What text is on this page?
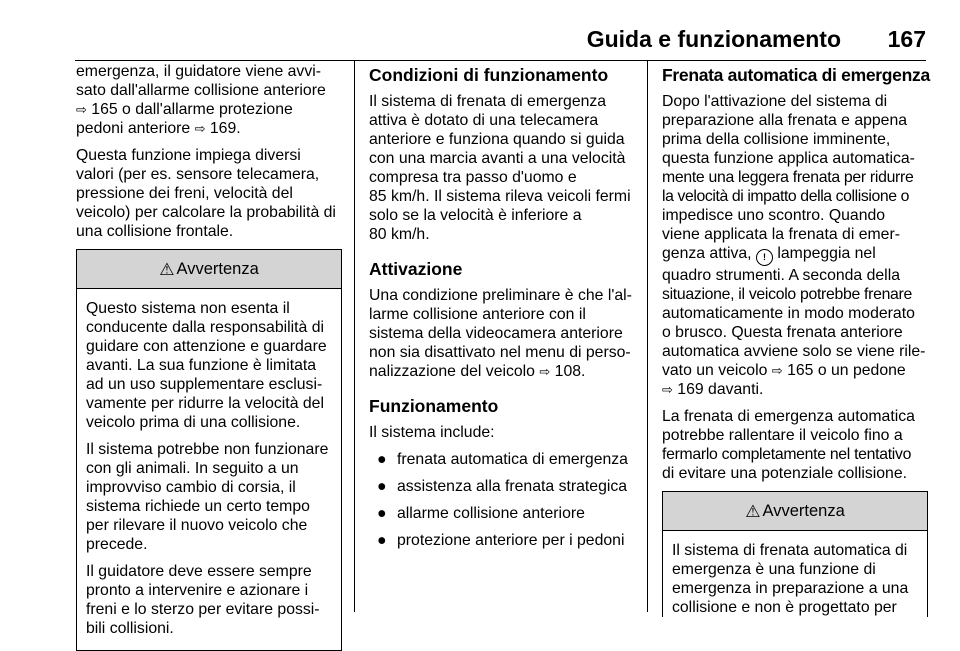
Guida e funzionamento 167

emergenza, il guidatore viene avvi-
sato dall'allarme collisione anteriore
⇨ 165 o dall'allarme protezione
pedoni anteriore ⇨ 169.

Questa funzione impiega diversi
valori (per es. sensore telecamera,
pressione dei freni, velocità del
veicolo) per calcolare la probabilità di
una collisione frontale.

⚠ Avvertenza

Questo sistema non esenta il
conducente dalla responsabilità di
guidare con attenzione e guardare
avanti. La sua funzione è limitata
ad un uso supplementare esclusi-
vamente per ridurre la velocità del
veicolo prima di una collisione.

Il sistema potrebbe non funzionare
con gli animali. In seguito a un
improvviso cambio di corsia, il
sistema richiede un certo tempo
per rilevare il nuovo veicolo che
precede.

Il guidatore deve essere sempre
pronto a intervenire e azionare i
freni e lo sterzo per evitare possi-
bili collisioni.

Condizioni di funzionamento

Il sistema di frenata di emergenza
attiva è dotato di una telecamera
anteriore e funziona quando si guida
con una marcia avanti a una velocità
compresa tra passo d'uomo e
85 km/h. Il sistema rileva veicoli fermi
solo se la velocità è inferiore a
80 km/h.

Attivazione

Una condizione preliminare è che l'al-
larme collisione anteriore con il
sistema della videocamera anteriore
non sia disattivato nel menu di perso-
nalizzazione del veicolo ⇨ 108.

Funzionamento

Il sistema include:

● frenata automatica di emergenza
● assistenza alla frenata strategica
● allarme collisione anteriore
● protezione anteriore per i pedoni
Frenata automatica di emergenza

Dopo l'attivazione del sistema di
preparazione alla frenata e appena
prima della collisione imminente,
questa funzione applica automatica-
mente una leggera frenata per ridurre
la velocità di impatto della collisione o
impedisce uno scontro. Quando
viene applicata la frenata di emer-
genza attiva, ! lampeggia nel
quadro strumenti. A seconda della
situazione, il veicolo potrebbe frenare
automaticamente in modo moderato
o brusco. Questa frenata anteriore
automatica avviene solo se viene rile-
vato un veicolo ⇨ 165 o un pedone
⇨ 169 davanti.

La frenata di emergenza automatica
potrebbe rallentare il veicolo fino a
fermarlo completamente nel tentativo
di evitare una potenziale collisione.

⚠ Avvertenza

Il sistema di frenata automatica di
emergenza è una funzione di
emergenza in preparazione a una
collisione e non è progettato per
